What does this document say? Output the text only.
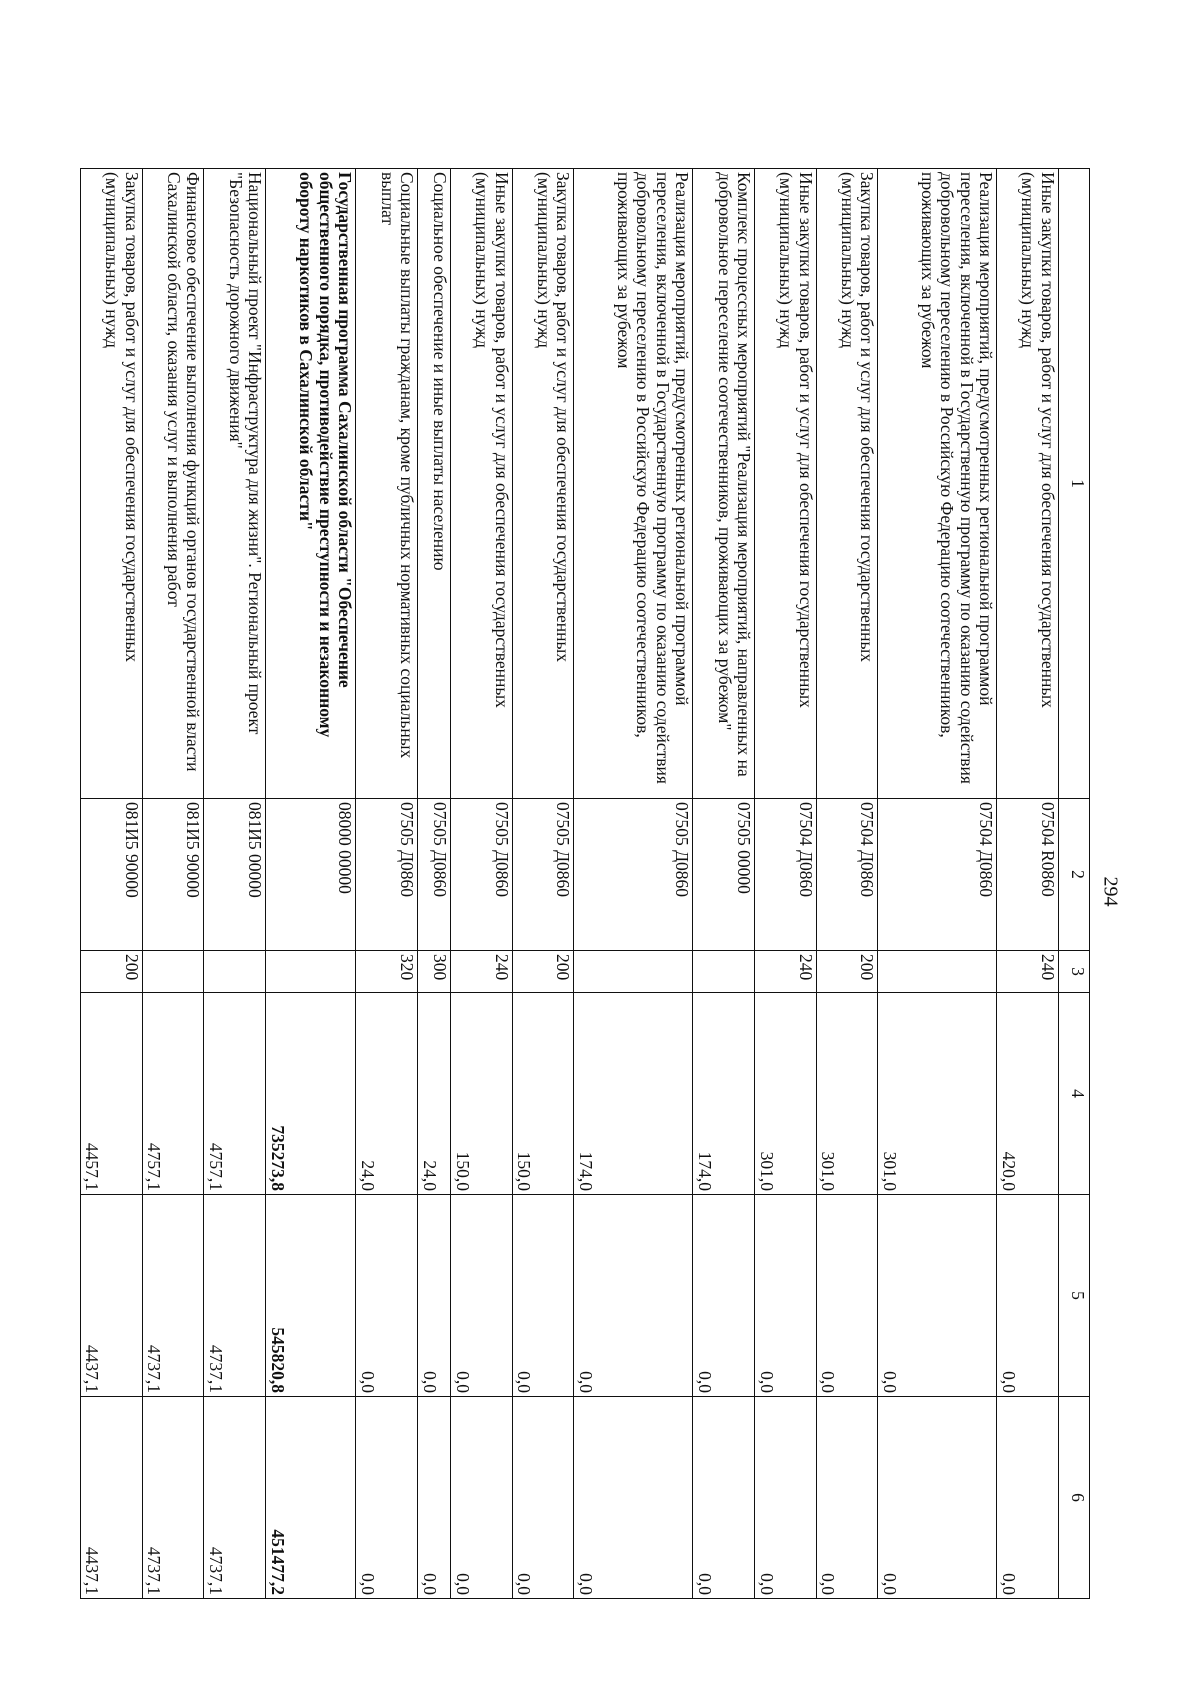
294
1	2	3	4	5	6
Иные закупки товаров, работ и услуг для обеспечения государственных (муниципальных) нужд	07504 R0860	240	420,0	0,0	0,0
Реализация мероприятий, предусмотренных региональной программой переселения, включенной в Государственную программу по оказанию содействия добровольному переселению в Российскую Федерацию соотечественников, проживающих за рубежом	07504 Д0860		301,0	0,0	0,0
Закупка товаров, работ и услуг для обеспечения государственных (муниципальных) нужд	07504 Д0860	200	301,0	0,0	0,0
Иные закупки товаров, работ и услуг для обеспечения государственных (муниципальных) нужд	07504 Д0860	240	301,0	0,0	0,0
Комплекс процессных мероприятий "Реализация мероприятий, направленных на добровольное переселение соотечественников, проживающих за рубежом"	07505 00000		174,0	0,0	0,0
Реализация мероприятий, предусмотренных региональной программой переселения, включенной в Государственную программу по оказанию содействия добровольному переселению в Российскую Федерацию соотечественников, проживающих за рубежом	07505 Д0860		174,0	0,0	0,0
Закупка товаров, работ и услуг для обеспечения государственных (муниципальных) нужд	07505 Д0860	200	150,0	0,0	0,0
Иные закупки товаров, работ и услуг для обеспечения государственных (муниципальных) нужд	07505 Д0860	240	150,0	0,0	0,0
Социальное обеспечение и иные выплаты населению	07505 Д0860	300	24,0	0,0	0,0
Социальные выплаты гражданам, кроме публичных нормативных социальных выплат	07505 Д0860	320	24,0	0,0	0,0
Государственная программа Сахалинской области "Обеспечение общественного порядка, противодействие преступности и незаконному обороту наркотиков в Сахалинской области"	08000 00000		735273,8	545820,8	451477,2
Национальный проект "Инфраструктура для жизни". Региональный проект "Безопасность дорожного движения"	081И5 00000		4757,1	4737,1	4737,1
Финансовое обеспечение выполнения функций органов государственной власти Сахалинской области, оказания услуг и выполнения работ	081И5 90000		4757,1	4737,1	4737,1
Закупка товаров, работ и услуг для обеспечения государственных (муниципальных) нужд	081И5 90000	200	4457,1	4437,1	4437,1
